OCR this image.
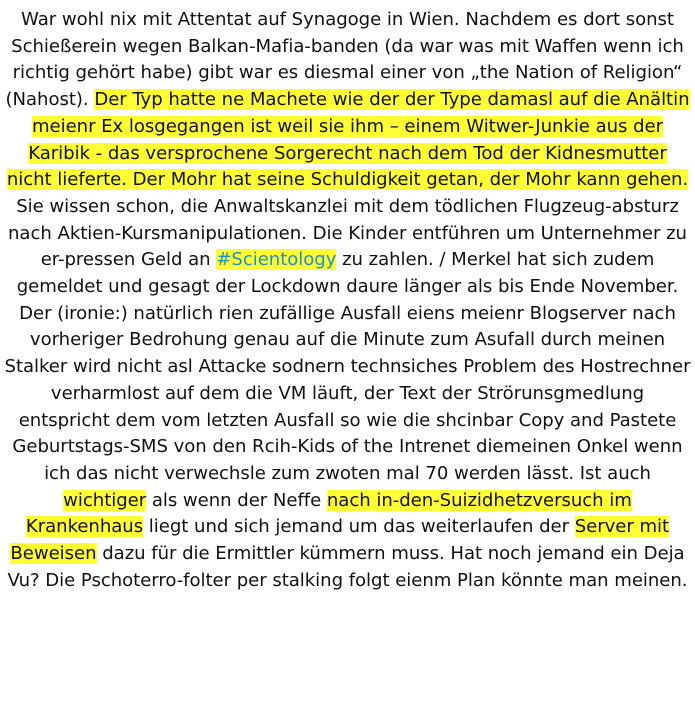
War wohl nix mit Attentat auf Synagoge in Wien. Nachdem es dort sonst Schießerein wegen Balkan-Mafia-banden (da war was mit Waffen wenn ich richtig gehört habe) gibt war es diesmal einer von „the Nation of Religion“ (Nahost). Der Typ hatte ne Machete wie der der Type damasl auf die Anältin meienr Ex losgegangen ist weil sie ihm – einem Witwer-Junkie aus der Karibik - das versprochene Sorgerecht nach dem Tod der Kidnesmutter nicht lieferte. Der Mohr hat seine Schuldigkeit getan, der Mohr kann gehen. Sie wissen schon, die Anwaltskanzlei mit dem tödlichen Flugzeug-absturz nach Aktien-Kursmanipulationen. Die Kinder entführen um Unternehmer zu er-pressen Geld an #Scientology zu zahlen. / Merkel hat sich zudem gemeldet und gesagt der Lockdown daure länger als bis Ende November. Der (ironie:) natürlich rien zufällige Ausfall eiens meienr Blogserver nach vorheriger Bedrohung genau auf die Minute zum Asufall durch meinen Stalker wird nicht asl Attacke sodnern technsiches Problem des Hostrechner verharmlost auf dem die VM läuft, der Text der Strörunsgmedlung entspricht dem vom letzten Ausfall so wie die shcinbar Copy and Pastete Geburtstags-SMS von den Rcih-Kids of the Intrenet diemeinen Onkel wenn ich das nicht verwechsle zum zwoten mal 70 werden lässt. Ist auch wichtiger als wenn der Neffe nach in-den-Suizidhetzversuch im Krankenhaus liegt und sich jemand um das weiterlaufen der Server mit Beweisen dazu für die Ermittler kümmern muss. Hat noch jemand ein Deja Vu? Die Pschoterro-folter per stalking folgt eienm Plan könnte man meinen.
